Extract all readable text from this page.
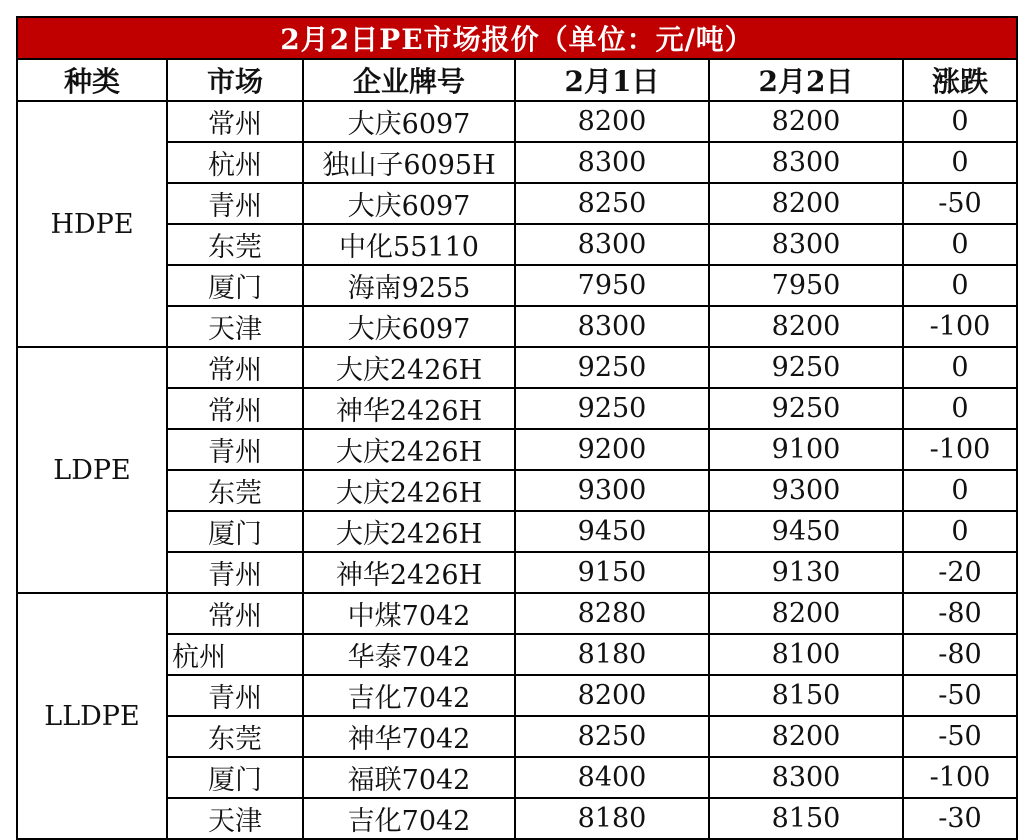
2月2日PE市场报价（单位：元/吨）					
种类	市场	企业牌号	2月1日	2月2日	涨跌
HDPE	常州	大庆6097	8200	8200	0
	杭州	独山子6095H	8300	8300	0
	青州	大庆6097	8250	8200	-50
	东莞	中化55110	8300	8300	0
	厦门	海南9255	7950	7950	0
	天津	大庆6097	8300	8200	-100
LDPE	常州	大庆2426H	9250	9250	0
	常州	神华2426H	9250	9250	0
	青州	大庆2426H	9200	9100	-100
	东莞	大庆2426H	9300	9300	0
	厦门	大庆2426H	9450	9450	0
	青州	神华2426H	9150	9130	-20
LLDPE	常州	中煤7042	8280	8200	-80
	杭州	华泰7042	8180	8100	-80
	青州	吉化7042	8200	8150	-50
	东莞	神华7042	8250	8200	-50
	厦门	福联7042	8400	8300	-100
	天津	吉化7042	8180	8150	-30
